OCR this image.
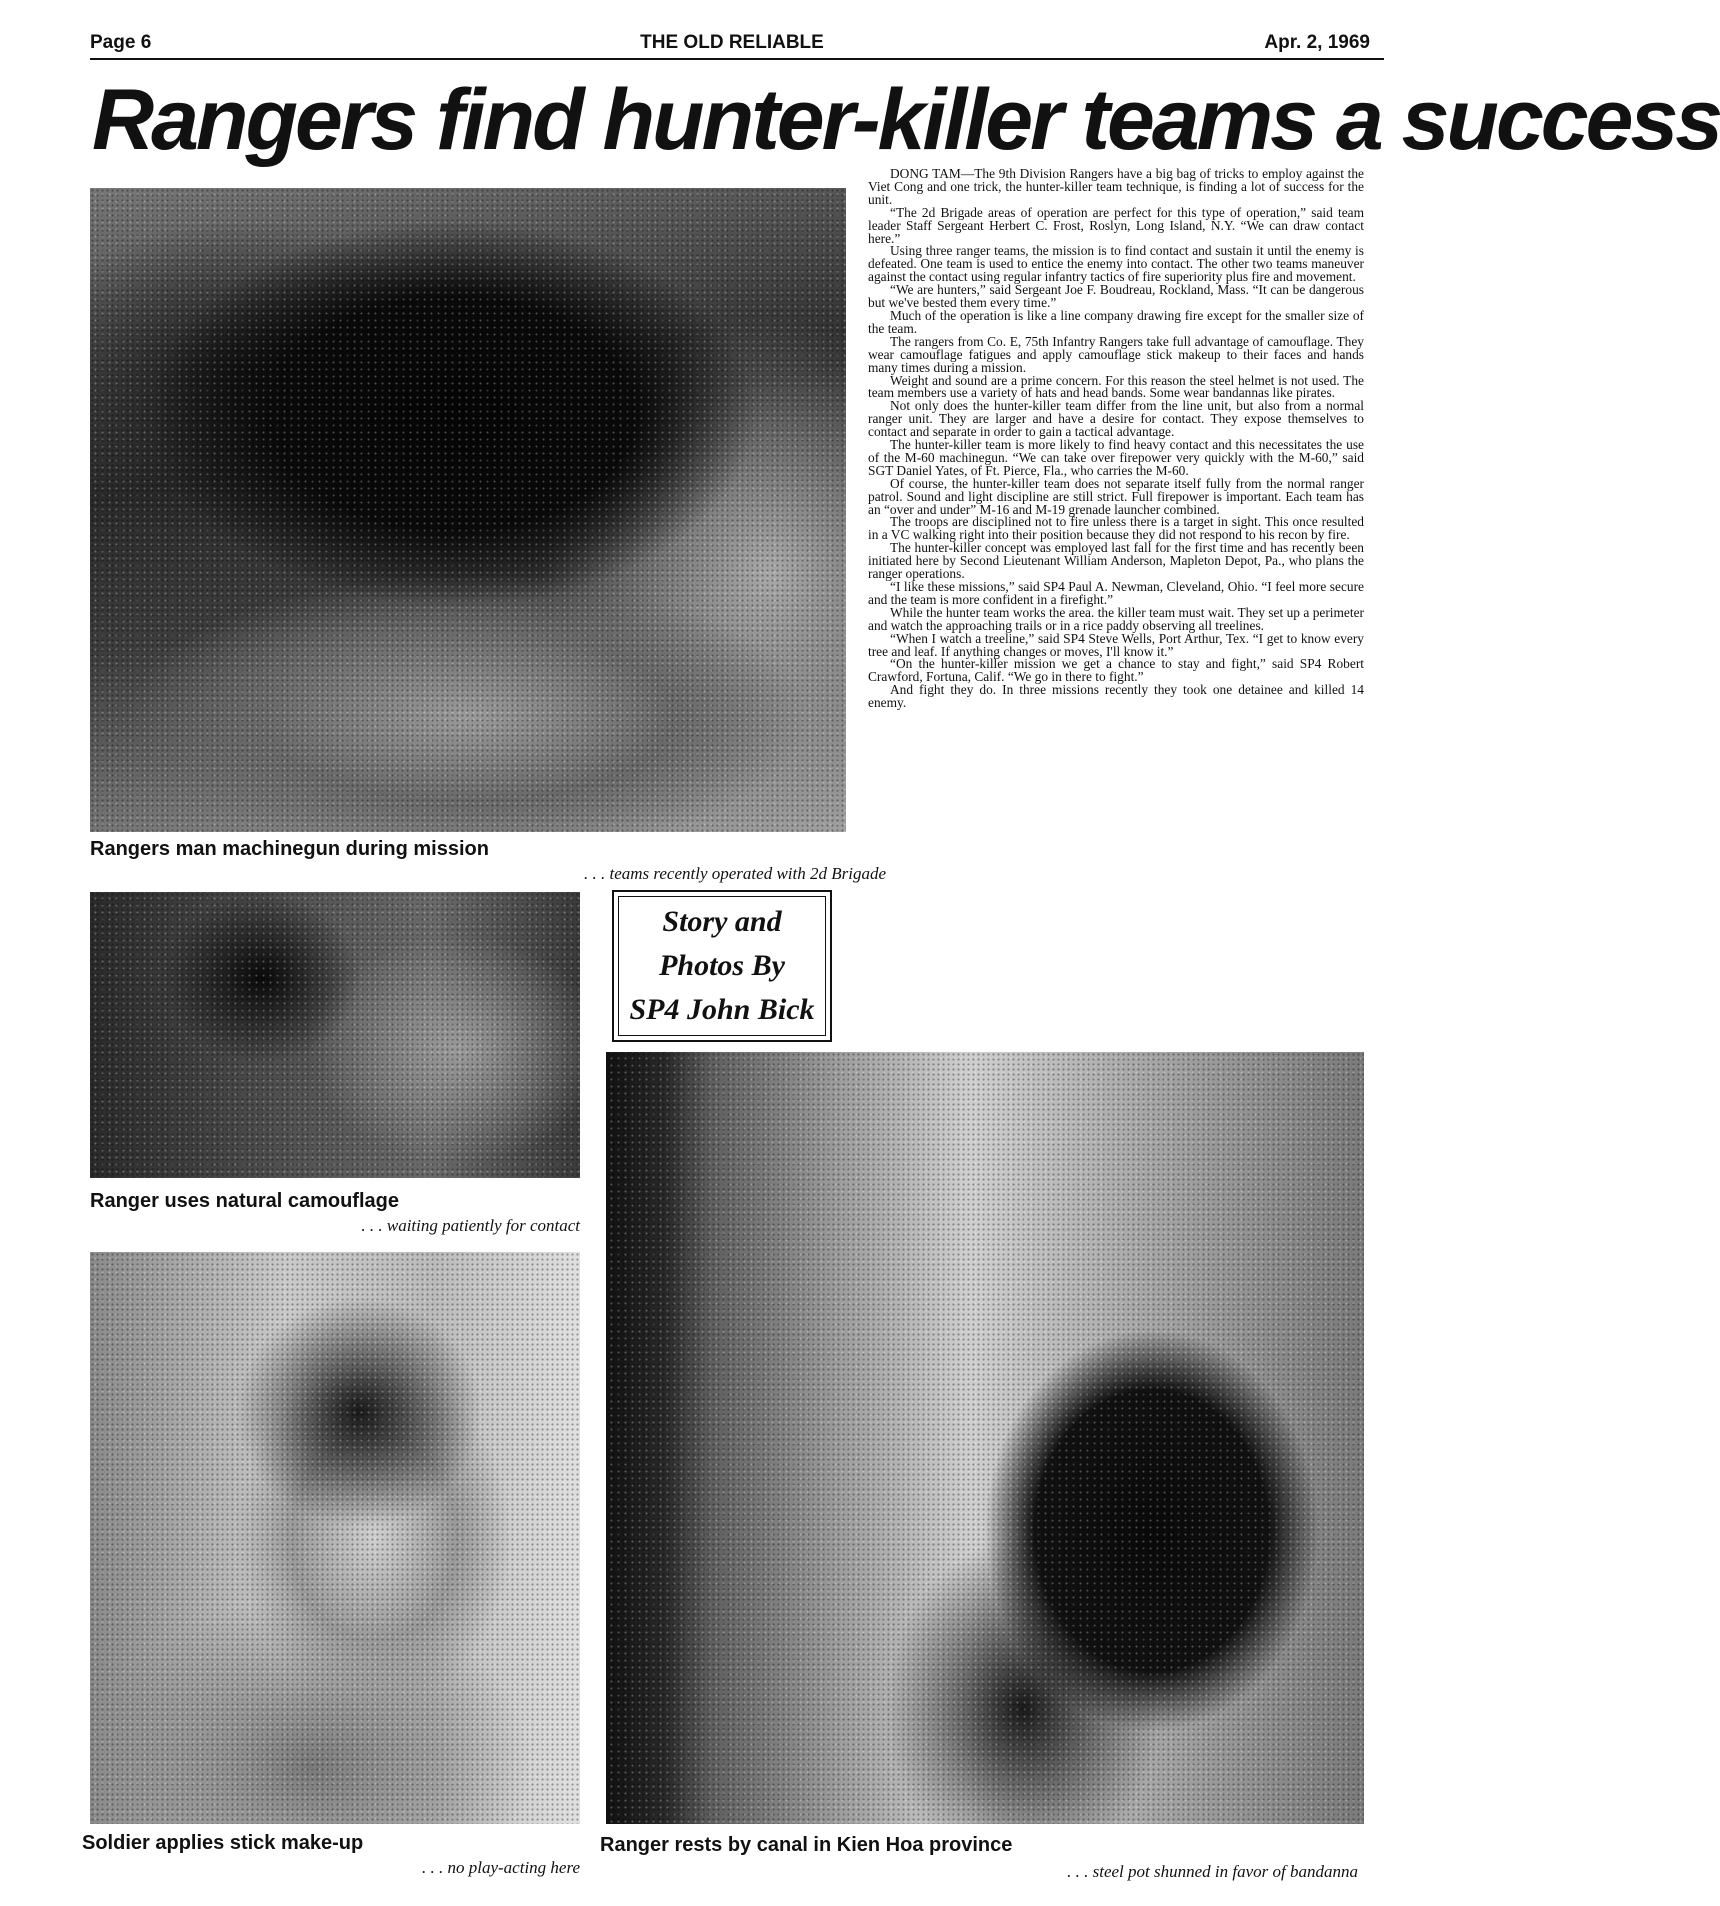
Page 6	THE OLD RELIABLE	Apr. 2, 1969
Rangers find hunter-killer teams a success

Rangers man machinegun during mission

. . . teams recently operated with 2d Brigade

Ranger uses natural camouflage

. . . waiting patiently for contact

Story and
Photos By
SP4 John Bick

DONG TAM—The 9th Division Rangers have a big bag of tricks to employ against the Viet Cong and one trick, the hunter-killer team technique, is finding a lot of success for the unit.

“The 2d Brigade areas of operation are perfect for this type of operation,” said team leader Staff Sergeant Herbert C. Frost, Roslyn, Long Island, N.Y. “We can draw contact here.”

Using three ranger teams, the mission is to find contact and sustain it until the enemy is defeated. One team is used to entice the enemy into contact. The other two teams maneuver against the contact using regular infantry tactics of fire superiority plus fire and movement.

“We are hunters,” said Sergeant Joe F. Boudreau, Rockland, Mass. “It can be dangerous but we've bested them every time.”

Much of the operation is like a line company drawing fire except for the smaller size of the team.

The rangers from Co. E, 75th Infantry Rangers take full advantage of camouflage. They wear camouflage fatigues and apply camouflage stick makeup to their faces and hands many times during a mission.

Weight and sound are a prime concern. For this reason the steel helmet is not used. The team members use a variety of hats and head bands. Some wear bandannas like pirates.

Not only does the hunter-killer team differ from the line unit, but also from a normal ranger unit. They are larger and have a desire for contact. They expose themselves to contact and separate in order to gain a tactical advantage.

The hunter-killer team is more likely to find heavy contact and this necessitates the use of the M-60 machinegun. “We can take over firepower very quickly with the M-60,” said SGT Daniel Yates, of Ft. Pierce, Fla., who carries the M-60.

Of course, the hunter-killer team does not separate itself fully from the normal ranger patrol. Sound and light discipline are still strict. Full firepower is important. Each team has an “over and under” M-16 and M-19 grenade launcher combined.

The troops are disciplined not to fire unless there is a target in sight. This once resulted in a VC walking right into their position because they did not respond to his recon by fire.

The hunter-killer concept was employed last fall for the first time and has recently been initiated here by Second Lieutenant William Anderson, Mapleton Depot, Pa., who plans the ranger operations.

“I like these missions,” said SP4 Paul A. Newman, Cleveland, Ohio. “I feel more secure and the team is more confident in a firefight.”

While the hunter team works the area. the killer team must wait. They set up a perimeter and watch the approaching trails or in a rice paddy observing all treelines.

“When I watch a treeline,” said SP4 Steve Wells, Port Arthur, Tex. “I get to know every tree and leaf. If anything changes or moves, I'll know it.”

“On the hunter-killer mission we get a chance to stay and fight,” said SP4 Robert Crawford, Fortuna, Calif. “We go in there to fight.”

And fight they do. In three missions recently they took one detainee and killed 14 enemy.

Soldier applies stick make-up

. . . no play-acting here

Ranger rests by canal in Kien Hoa province

. . . steel pot shunned in favor of bandanna
